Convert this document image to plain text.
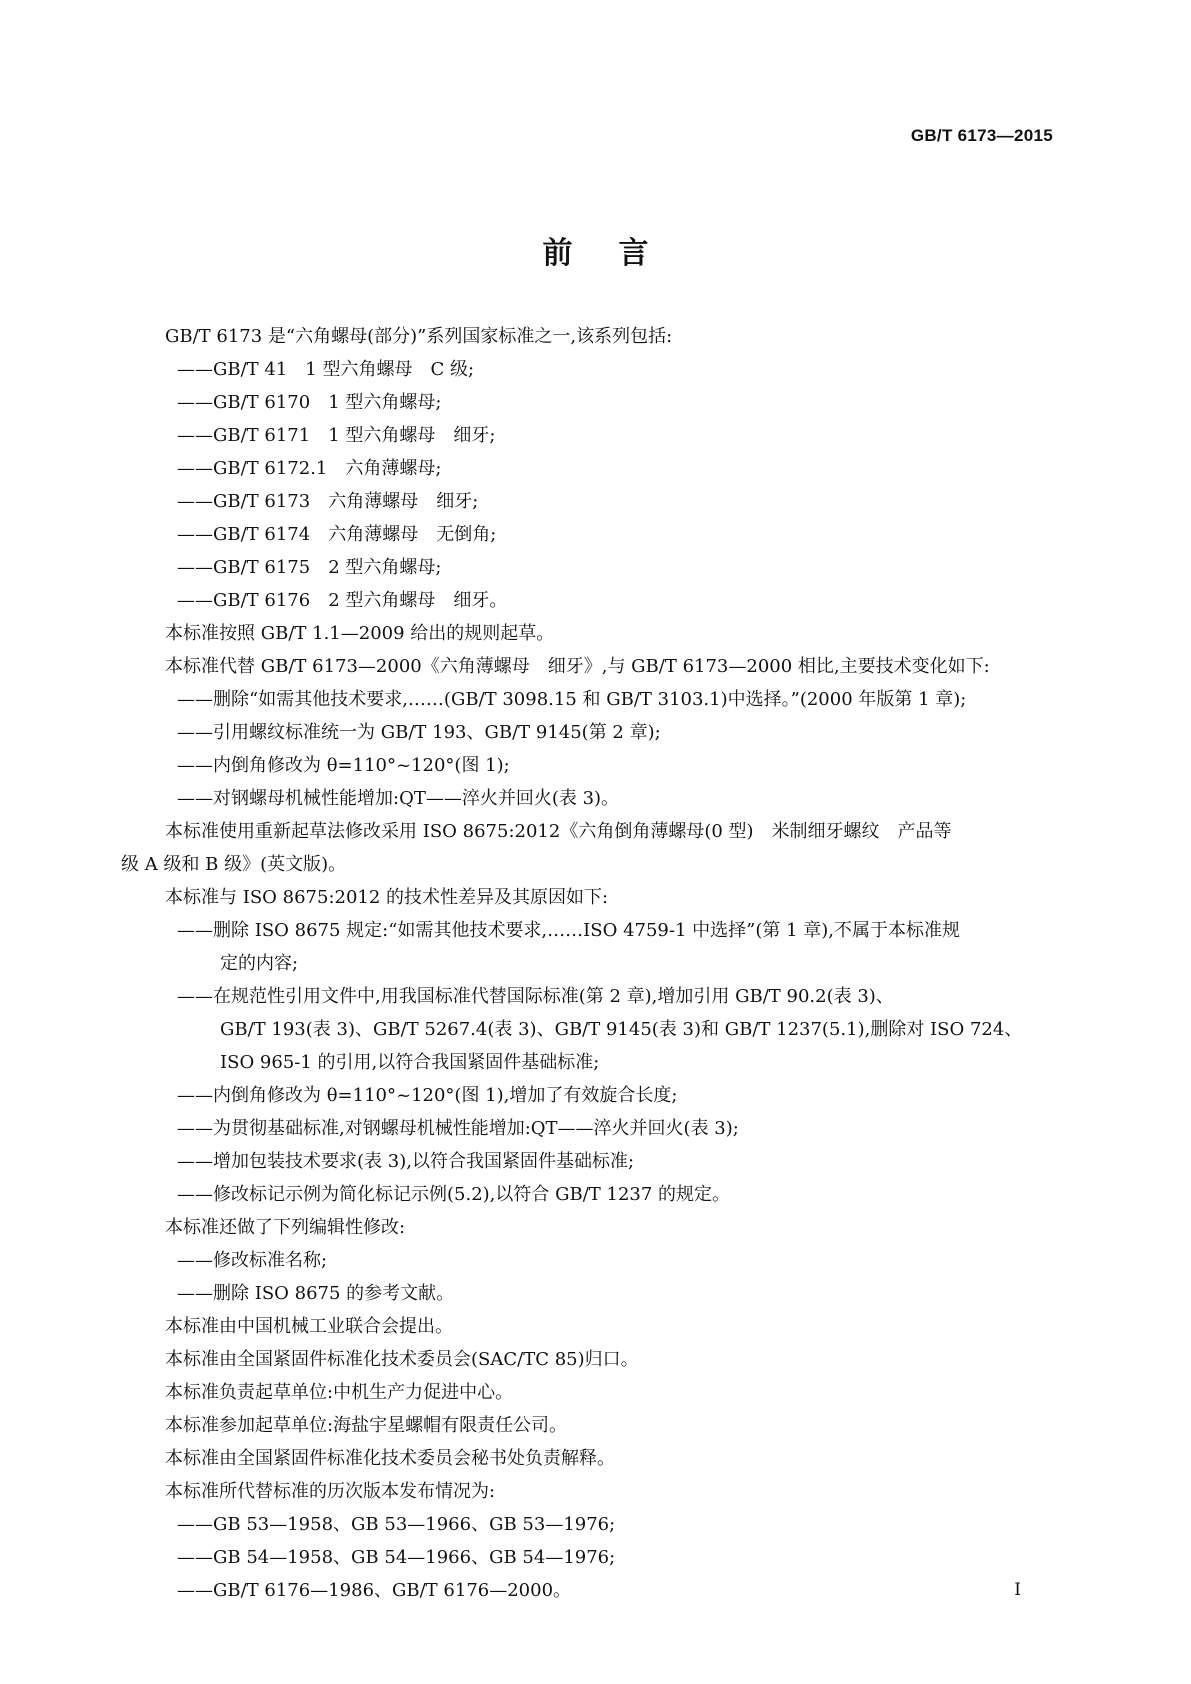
GB/T 6173—2015
前 言
GB/T 6173 是“六角螺母(部分)”系列国家标准之一,该系列包括:
——GB/T 41　1 型六角螺母　C 级;
——GB/T 6170　1 型六角螺母;
——GB/T 6171　1 型六角螺母　细牙;
——GB/T 6172.1　六角薄螺母;
——GB/T 6173　六角薄螺母　细牙;
——GB/T 6174　六角薄螺母　无倒角;
——GB/T 6175　2 型六角螺母;
——GB/T 6176　2 型六角螺母　细牙。
本标准按照 GB/T 1.1—2009 给出的规则起草。
本标准代替 GB/T 6173—2000《六角薄螺母　细牙》,与 GB/T 6173—2000 相比,主要技术变化如下:
——删除“如需其他技术要求,……(GB/T 3098.15 和 GB/T 3103.1)中选择。”(2000 年版第 1 章);
——引用螺纹标准统一为 GB/T 193、GB/T 9145(第 2 章);
——内倒角修改为 θ=110°~120°(图 1);
——对钢螺母机械性能增加:QT——淬火并回火(表 3)。
本标准使用重新起草法修改采用 ISO 8675:2012《六角倒角薄螺母(0 型)　米制细牙螺纹　产品等
级 A 级和 B 级》(英文版)。
本标准与 ISO 8675:2012 的技术性差异及其原因如下:
——删除 ISO 8675 规定:“如需其他技术要求,……ISO 4759-1 中选择”(第 1 章),不属于本标准规
定的内容;
——在规范性引用文件中,用我国标准代替国际标准(第 2 章),增加引用 GB/T 90.2(表 3)、
GB/T 193(表 3)、GB/T 5267.4(表 3)、GB/T 9145(表 3)和 GB/T 1237(5.1),删除对 ISO 724、
ISO 965-1 的引用,以符合我国紧固件基础标准;
——内倒角修改为 θ=110°~120°(图 1),增加了有效旋合长度;
——为贯彻基础标准,对钢螺母机械性能增加:QT——淬火并回火(表 3);
——增加包装技术要求(表 3),以符合我国紧固件基础标准;
——修改标记示例为简化标记示例(5.2),以符合 GB/T 1237 的规定。
本标准还做了下列编辑性修改:
——修改标准名称;
——删除 ISO 8675 的参考文献。
本标准由中国机械工业联合会提出。
本标准由全国紧固件标准化技术委员会(SAC/TC 85)归口。
本标准负责起草单位:中机生产力促进中心。
本标准参加起草单位:海盐宇星螺帽有限责任公司。
本标准由全国紧固件标准化技术委员会秘书处负责解释。
本标准所代替标准的历次版本发布情况为:
——GB 53—1958、GB 53—1966、GB 53—1976;
——GB 54—1958、GB 54—1966、GB 54—1976;
——GB/T 6176—1986、GB/T 6176—2000。	I
